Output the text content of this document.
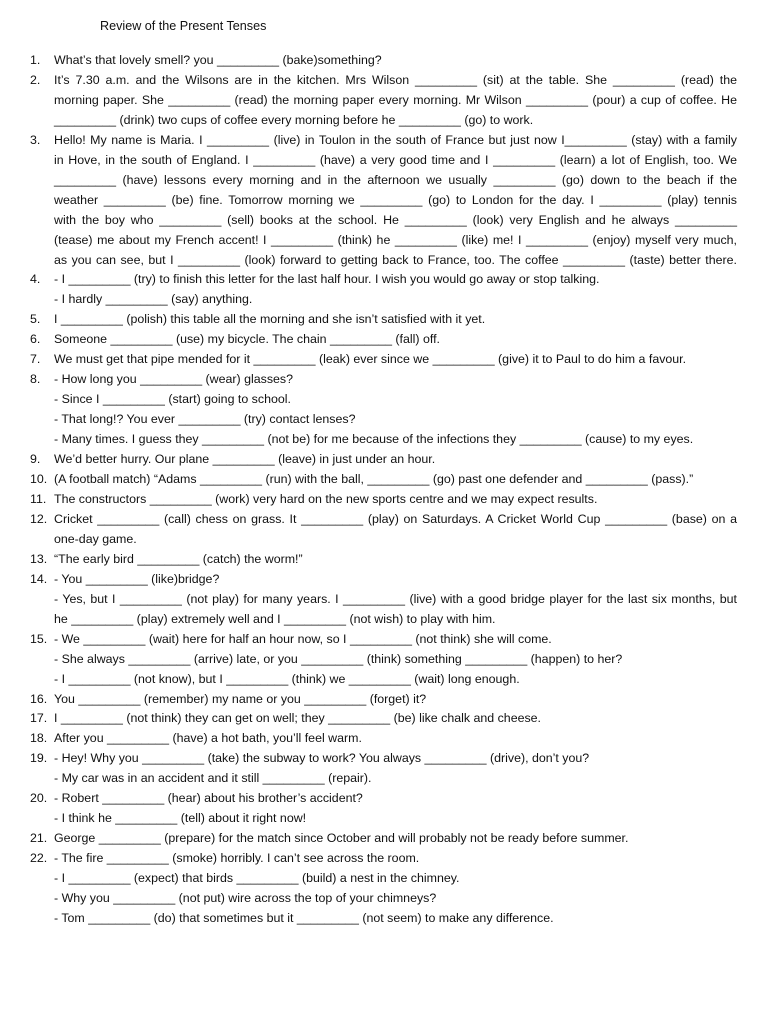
Review of the Present Tenses
1.	What’s that lovely smell? you _________ (bake)something?
2.	It’s 7.30 a.m. and the Wilsons are in the kitchen. Mrs Wilson _________ (sit) at the table. She _________ (read) the
morning paper. She _________ (read) the morning paper every morning. Mr Wilson _________ (pour) a cup of coffee. He
_________ (drink) two cups of coffee every morning before he _________ (go) to work.
3.	Hello! My name is Maria. I _________ (live) in Toulon in the south of France but just now I_________ (stay) with a family
in Hove, in the south of England. I _________ (have) a very good time and I _________ (learn) a lot of English, too. We
_________ (have) lessons every morning and in the afternoon we usually _________ (go) down to the beach if the
weather _________ (be) fine. Tomorrow morning we _________ (go) to London for the day. I _________ (play) tennis
with the boy who _________ (sell) books at the school. He _________ (look) very English and he always _________
(tease) me about my French accent! I _________ (think) he _________ (like) me! I _________ (enjoy) myself very much,
as you can see, but I _________ (look) forward to getting back to France, too. The coffee _________ (taste) better there.
4.	- I _________ (try) to finish this letter for the last half hour. I wish you would go away or stop talking.
- I hardly _________ (say) anything.
5.	I _________ (polish) this table all the morning and she isn’t satisfied with it yet.
6.	Someone _________ (use) my bicycle. The chain _________ (fall) off.
7.	We must get that pipe mended for it _________ (leak) ever since we _________ (give) it to Paul to do him a favour.
8.	- How long you _________ (wear) glasses?
- Since I _________ (start) going to school.
- That long!? You ever _________ (try) contact lenses?
- Many times. I guess they _________ (not be) for me because of the infections they _________ (cause) to my eyes.
9.	We’d better hurry. Our plane _________ (leave) in just under an hour.
10. (A football match) “Adams _________ (run) with the ball, _________ (go) past one defender and _________ (pass).”
11. The constructors _________ (work) very hard on the new sports centre and we may expect results.
12. Cricket _________ (call) chess on grass. It _________ (play) on Saturdays. A Cricket World Cup _________ (base) on a
one-day game.
13. “The early bird _________ (catch) the worm!”
14. - You _________ (like)bridge?
- Yes, but I _________ (not play) for many years. I _________ (live) with a good bridge player for the last six months, but
he _________ (play) extremely well and I _________ (not wish) to play with him.
15. - We _________ (wait) here for half an hour now, so I _________ (not think) she will come.
- She always _________ (arrive) late, or you _________ (think) something _________ (happen) to her?
- I _________ (not know), but I _________ (think) we _________ (wait) long enough.
16. You _________ (remember) my name or you _________ (forget) it?
17. I _________ (not think) they can get on well; they _________ (be) like chalk and cheese.
18. After you _________ (have) a hot bath, you’ll feel warm.
19. - Hey! Why you _________ (take) the subway to work? You always _________ (drive), don’t you?
- My car was in an accident and it still _________ (repair).
20. - Robert _________ (hear) about his brother’s accident?
- I think he _________ (tell) about it right now!
21. George _________ (prepare) for the match since October and will probably not be ready before summer.
22. - The fire _________ (smoke) horribly. I can’t see across the room.
- I _________ (expect) that birds _________ (build) a nest in the chimney.
- Why you _________ (not put) wire across the top of your chimneys?
- Tom _________ (do) that sometimes but it _________ (not seem) to make any difference.
